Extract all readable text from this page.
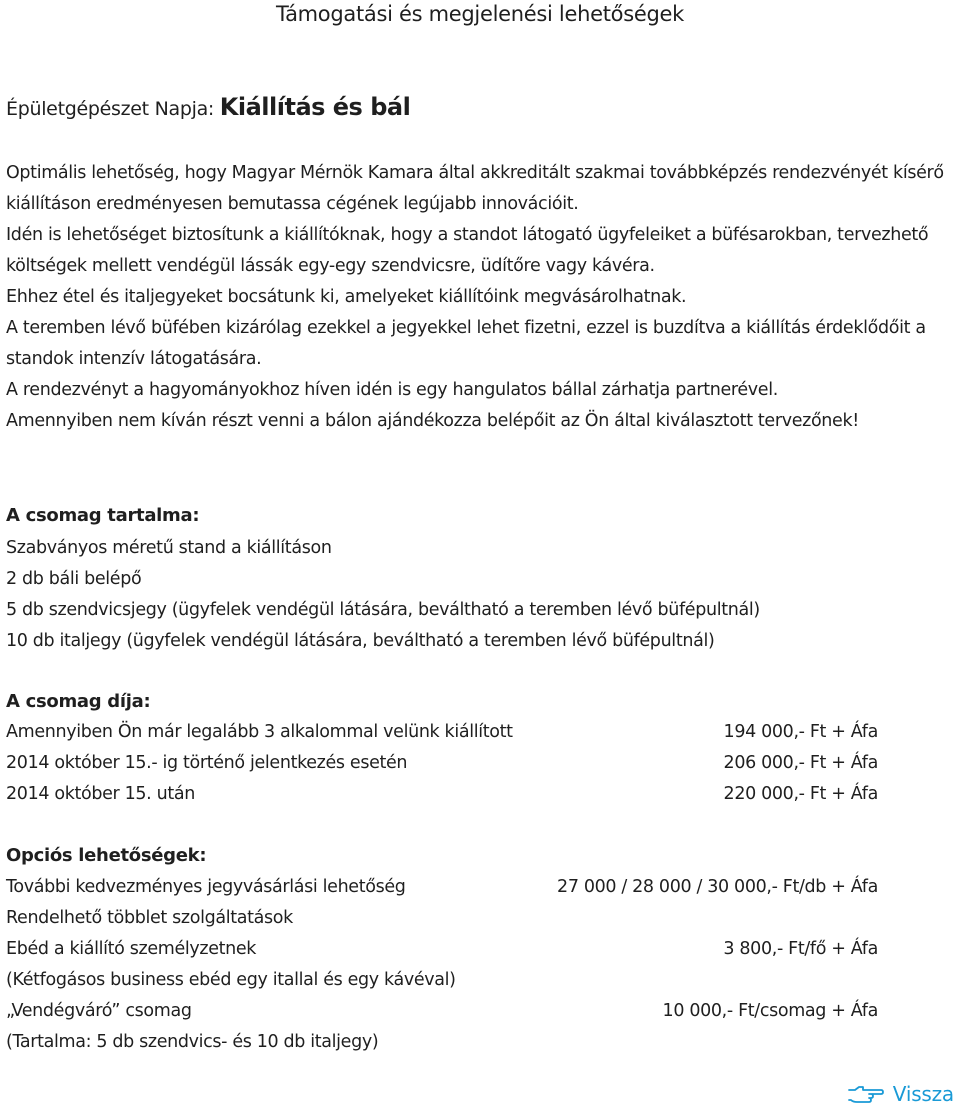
Támogatási és megjelenési lehetőségek
Épületgépészet Napja: Kiállítás és bál

Optimális lehetőség, hogy Magyar Mérnök Kamara által akkreditált szakmai továbbképzés rendezvényét kísérő kiállításon eredményesen bemutassa cégének legújabb innovációit.

Idén is lehetőséget biztosítunk a kiállítóknak, hogy a standot látogató ügyfeleiket a büfésarokban, tervezhető költségek mellett vendégül lássák egy-egy szendvicsre, üdítőre vagy kávéra.

Ehhez étel és italjegyeket bocsátunk ki, amelyeket kiállítóink megvásárolhatnak.

A teremben lévő büfében kizárólag ezekkel a jegyekkel lehet fizetni, ezzel is buzdítva a kiállítás érdeklődőit a standok intenzív látogatására.

A rendezvényt a hagyományokhoz híven idén is egy hangulatos bállal zárhatja partnerével.

Amennyiben nem kíván részt venni a bálon ajándékozza belépőit az Ön által kiválasztott tervezőnek!

A csomag tartalma:
Szabványos méretű stand a kiállításon
2 db báli belépő
5 db szendvicsjegy (ügyfelek vendégül látására, beváltható a teremben lévő büfépultnál)
10 db italjegy (ügyfelek vendégül látására, beváltható a teremben lévő büfépultnál)
A csomag díja:
Amennyiben Ön már legalább 3 alkalommal velünk kiállított	194 000,- Ft + Áfa
2014 október 15.- ig történő jelentkezés esetén	206 000,- Ft + Áfa
2014 október 15. után	220 000,- Ft + Áfa
Opciós lehetőségek:
További kedvezményes jegyvásárlási lehetőség	27 000 / 28 000 / 30 000,- Ft/db + Áfa
Rendelhető többlet szolgáltatások
Ebéd a kiállító személyzetnek	3 800,- Ft/fő + Áfa
(Kétfogásos business ebéd egy itallal és egy kávéval)
„Vendégváró” csomag	10 000,- Ft/csomag + Áfa
(Tartalma: 5 db szendvics- és 10 db italjegy)
Vissza
